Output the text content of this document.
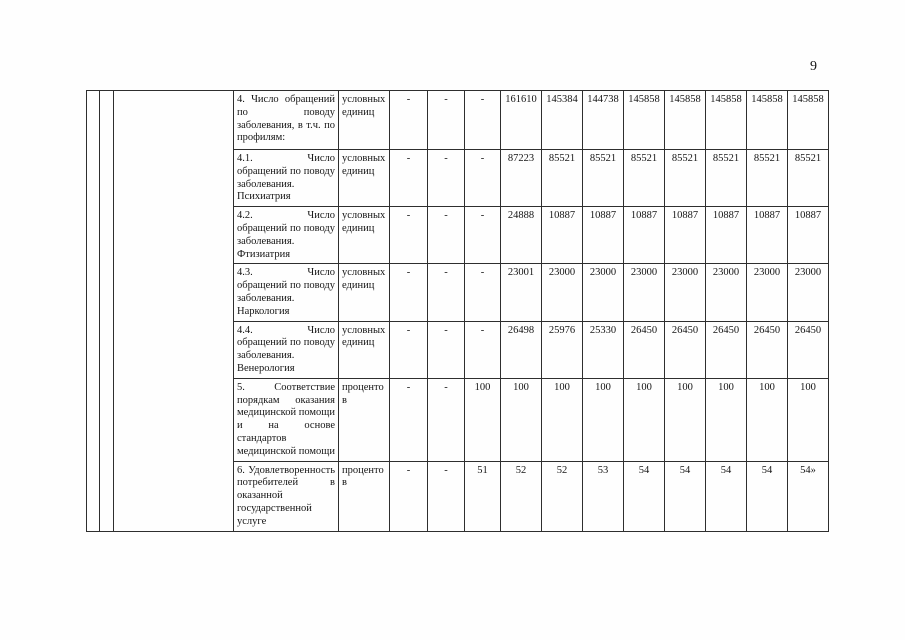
9
			4. Число обращений по поводу заболевания, в т.ч. по профилям:	условных единиц	-	-	-	161610	145384	144738	145858	145858	145858	145858	145858
			4.1. Число обращений по поводу заболевания. Психиатрия	условных единиц	-	-	-	87223	85521	85521	85521	85521	85521	85521	85521
			4.2. Число обращений по поводу заболевания. Фтизиатрия	условных единиц	-	-	-	24888	10887	10887	10887	10887	10887	10887	10887
			4.3. Число обращений по поводу заболевания. Наркология	условных единиц	-	-	-	23001	23000	23000	23000	23000	23000	23000	23000
			4.4. Число обращений по поводу заболевания. Венерология	условных единиц	-	-	-	26498	25976	25330	26450	26450	26450	26450	26450
			5. Соответствие порядкам оказания медицинской помощи и на основе стандартов медицинской помощи	процентов	-	-	100	100	100	100	100	100	100	100	100
			6. Удовлетворенность потребителей в оказанной государственной услуге	процентов	-	-	51	52	52	53	54	54	54	54	54»
